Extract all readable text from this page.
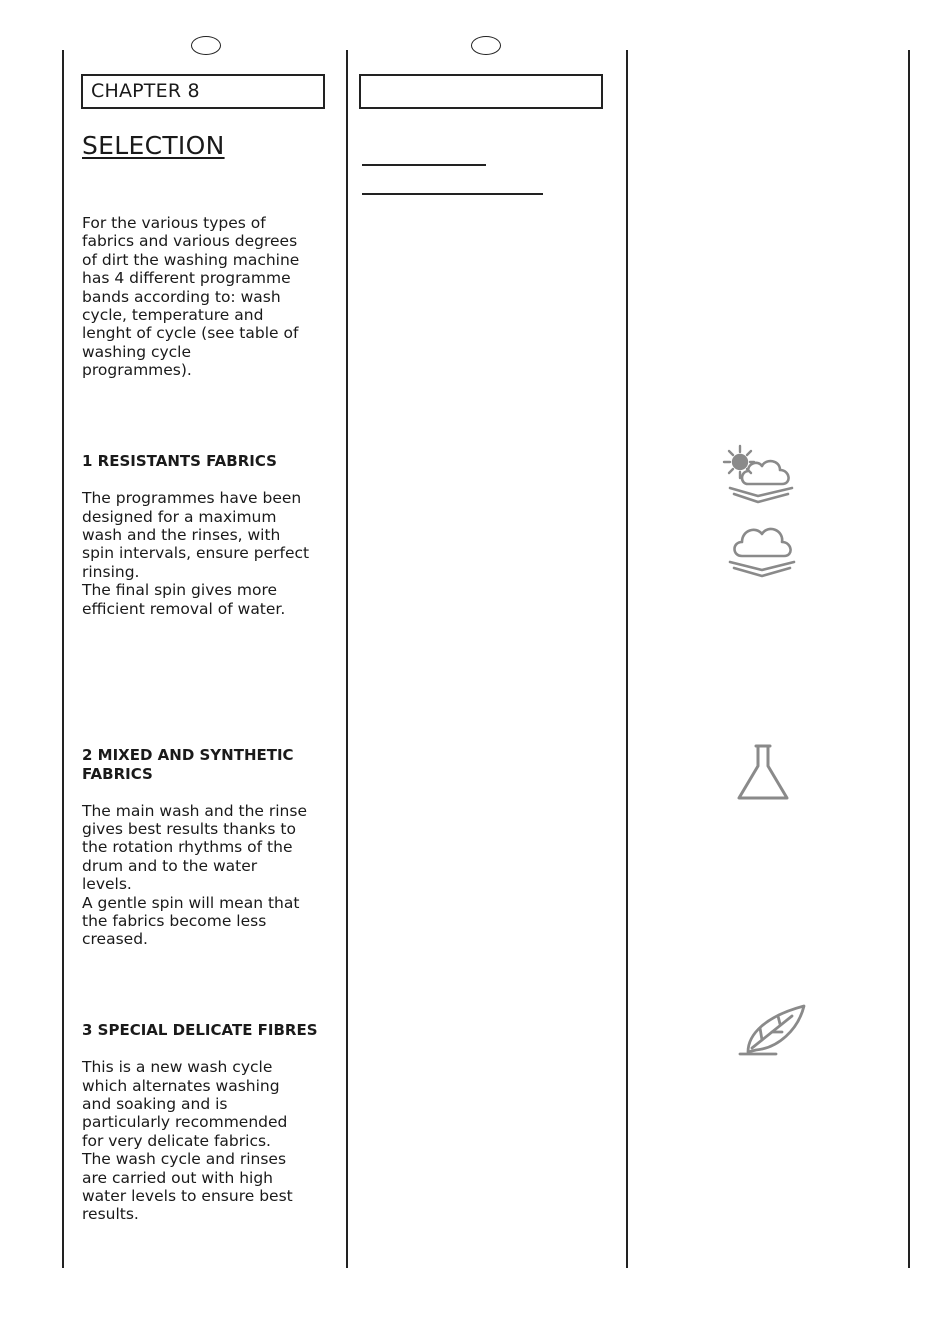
CHAPTER 8
SELECTION
For the various types of
fabrics and various degrees
of dirt the washing machine
has 4 different programme
bands according to: wash
cycle, temperature and
lenght of cycle (see table of
washing cycle
programmes).

1 RESISTANTS FABRICS

The programmes have been
designed for a maximum
wash and the rinses, with
spin intervals, ensure perfect
rinsing.
The final spin gives more
efficient removal of water.

2 MIXED AND SYNTHETIC
FABRICS

The main wash and the rinse
gives best results thanks to
the rotation rhythms of the
drum and to the water
levels.
A gentle spin will mean that
the fabrics become less
creased.

3 SPECIAL DELICATE FIBRES

This is a new wash cycle
which alternates washing
and soaking and is
particularly recommended
for very delicate fabrics.
The wash cycle and rinses
are carried out with high
water levels to ensure best
results.
